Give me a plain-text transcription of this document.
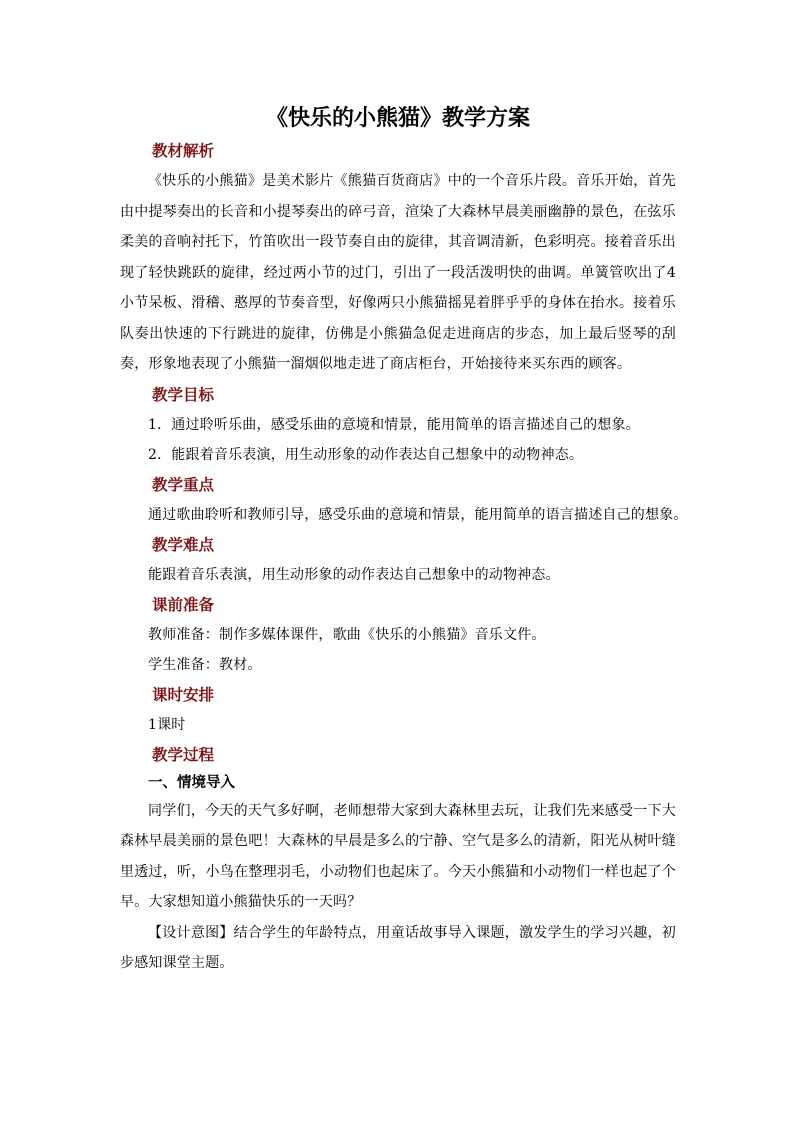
《快乐的小熊猫》教学方案
教材解析

《快乐的小熊猫》是美术影片《熊猫百货商店》中的一个音乐片段。音乐开始，首先由中提琴奏出的长音和小提琴奏出的碎弓音，渲染了大森林早晨美丽幽静的景色，在弦乐柔美的音响衬托下，竹笛吹出一段节奏自由的旋律，其音调清新，色彩明亮。接着音乐出现了轻快跳跃的旋律，经过两小节的过门，引出了一段活泼明快的曲调。单簧管吹出了4小节呆板、滑稽、憨厚的节奏音型，好像两只小熊猫摇晃着胖乎乎的身体在抬水。接着乐队奏出快速的下行跳进的旋律，仿佛是小熊猫急促走进商店的步态，加上最后竖琴的刮奏，形象地表现了小熊猫一溜烟似地走进了商店柜台，开始接待来买东西的顾客。

教学目标

1．通过聆听乐曲，感受乐曲的意境和情景，能用简单的语言描述自己的想象。

2．能跟着音乐表演，用生动形象的动作表达自己想象中的动物神态。

教学重点

通过歌曲聆听和教师引导，感受乐曲的意境和情景，能用简单的语言描述自己的想象。

教学难点

能跟着音乐表演，用生动形象的动作表达自己想象中的动物神态。

课前准备

教师准备：制作多媒体课件，歌曲《快乐的小熊猫》音乐文件。

学生准备：教材。

课时安排

1课时

教学过程
一、情境导入

同学们，今天的天气多好啊，老师想带大家到大森林里去玩，让我们先来感受一下大森林早晨美丽的景色吧！大森林的早晨是多么的宁静、空气是多么的清新，阳光从树叶缝里透过，听，小鸟在整理羽毛，小动物们也起床了。今天小熊猫和小动物们一样也起了个早。大家想知道小熊猫快乐的一天吗？

【设计意图】结合学生的年龄特点，用童话故事导入课题，激发学生的学习兴趣，初步感知课堂主题。
